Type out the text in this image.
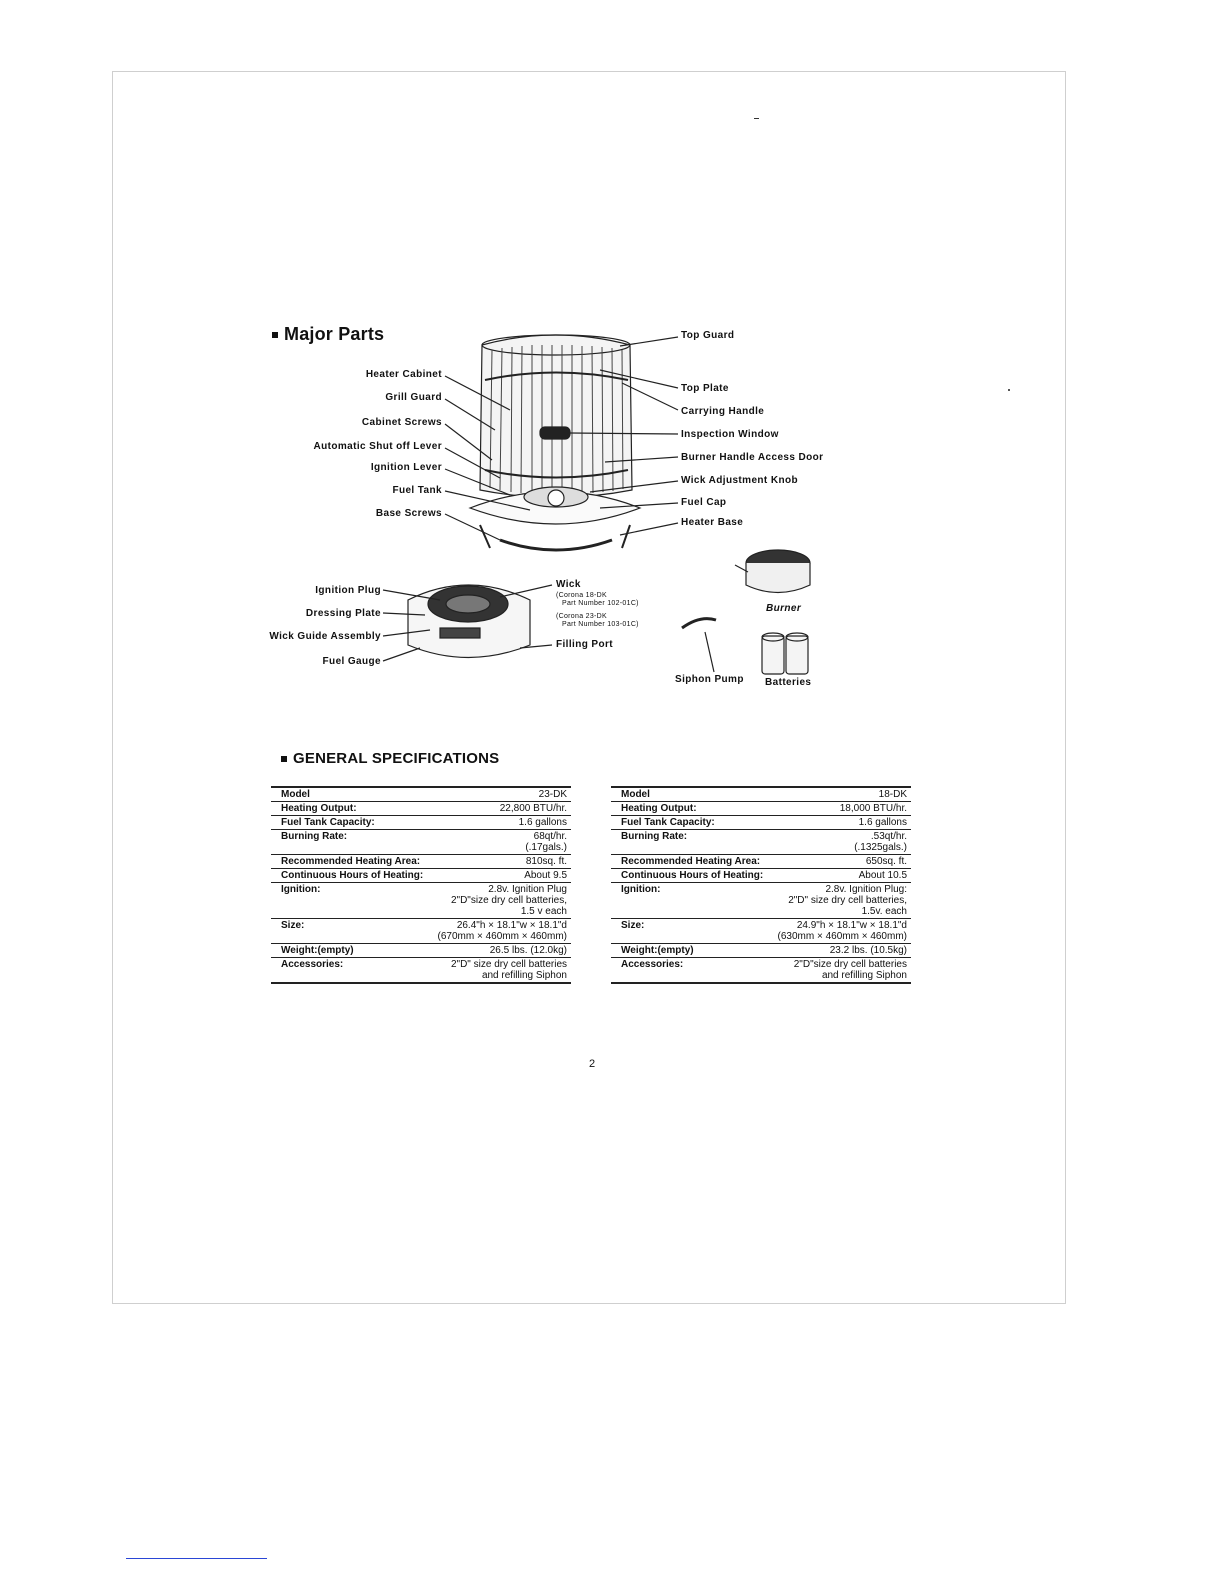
Major Parts
Heater Cabinet
Grill Guard
Cabinet Screws
Automatic Shut off Lever
Ignition Lever
Fuel Tank
Base Screws
Top Guard
Top Plate
Carrying Handle
Inspection Window
Burner Handle Access Door
Wick Adjustment Knob
Fuel Cap
Heater Base
Ignition Plug
Dressing Plate
Wick Guide Assembly
Fuel Gauge
Wick
(Corona 18-DK
Part Number 102-01C)
(Corona 23-DK
Part Number 103-01C)
Filling Port
Siphon Pump
Burner
Batteries
GENERAL SPECIFICATIONS
Model	23-DK
Heating Output:	22,800 BTU/hr.
Fuel Tank Capacity:	1.6 gallons
Burning Rate:	68qt/hr.
(.17gals.)
Recommended Heating Area:	810sq. ft.
Continuous Hours of Heating:	About 9.5
Ignition:	2.8v. Ignition Plug
2"D"size dry cell batteries,
1.5 v each
Size:	26.4"h × 18.1"w × 18.1"d
(670mm × 460mm × 460mm)
Weight:(empty)	26.5 lbs. (12.0kg)
Accessories:	2"D" size dry cell batteries
and refilling Siphon
Model	18-DK
Heating Output:	18,000 BTU/hr.
Fuel Tank Capacity:	1.6 gallons
Burning Rate:	.53qt/hr.
(.1325gals.)
Recommended Heating Area:	650sq. ft.
Continuous Hours of Heating:	About 10.5
Ignition:	2.8v. Ignition Plug:
2"D" size dry cell batteries,
1.5v. each
Size:	24.9"h × 18.1"w × 18.1"d
(630mm × 460mm × 460mm)
Weight:(empty)	23.2 lbs. (10.5kg)
Accessories:	2"D"size dry cell batteries
and refilling Siphon
2
